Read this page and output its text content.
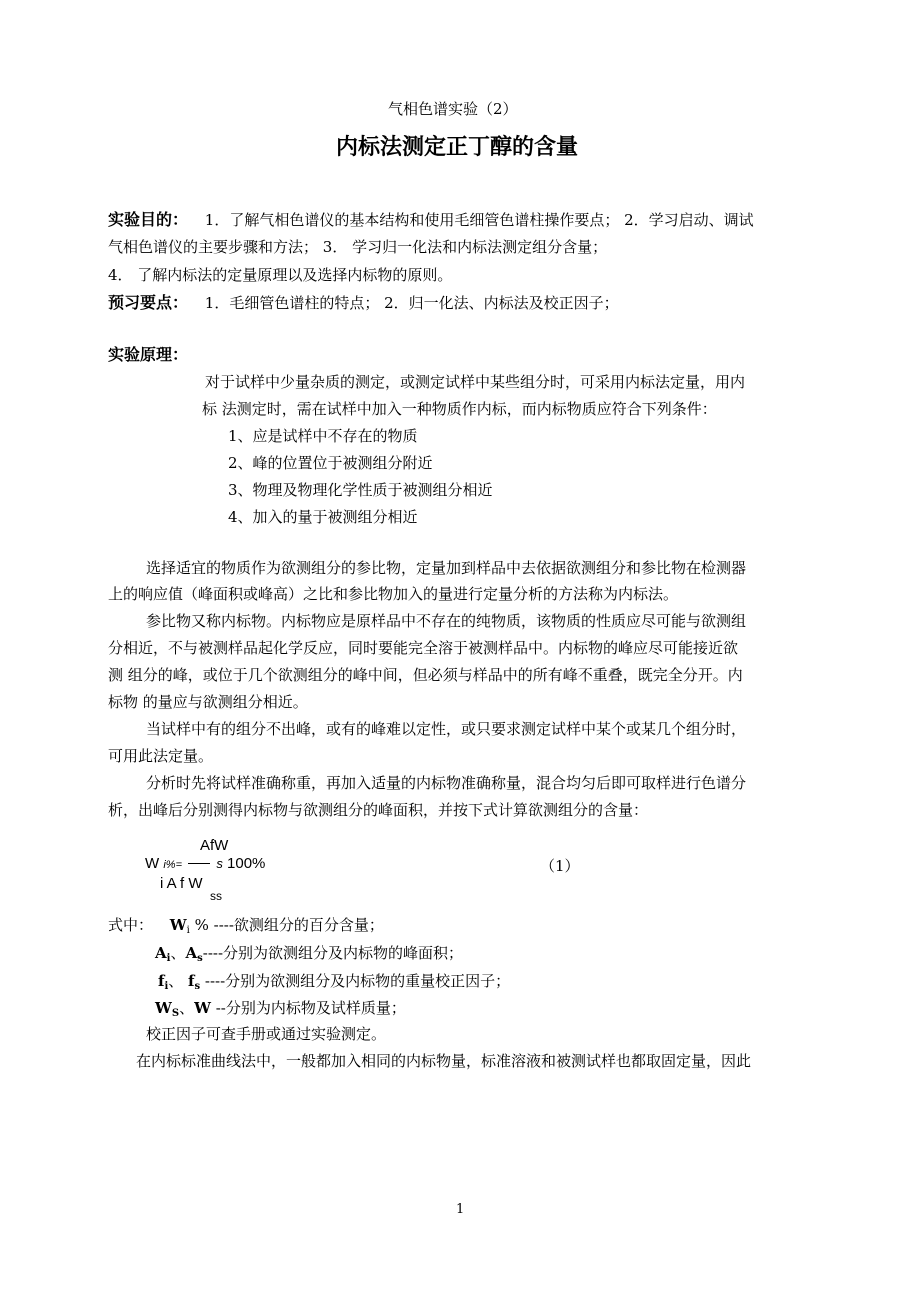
气相色谱实验（2）
内标法测定正丁醇的含量
实验目的： 1．了解气相色谱仪的基本结构和使用毛细管色谱柱操作要点； 2．学习启动、调试
气相色谱仪的主要步骤和方法； 3． 学习归一化法和内标法测定组分含量；
4． 了解内标法的定量原理以及选择内标物的原则。
预习要点： 1．毛细管色谱柱的特点； 2．归一化法、内标法及校正因子；
实验原理：
对于试样中少量杂质的测定，或测定试样中某些组分时，可采用内标法定量，用内
标 法测定时，需在试样中加入一种物质作内标，而内标物质应符合下列条件：
1、应是试样中不存在的物质
2、峰的位置位于被测组分附近
3、物理及物理化学性质于被测组分相近
4、加入的量于被测组分相近
选择适宜的物质作为欲测组分的参比物，定量加到样品中去依据欲测组分和参比物在检测器
上的响应值（峰面积或峰高）之比和参比物加入的量进行定量分析的方法称为内标法。
参比物又称内标物。内标物应是原样品中不存在的纯物质，该物质的性质应尽可能与欲测组
分相近，不与被测样品起化学反应，同时要能完全溶于被测样品中。内标物的峰应尽可能接近欲
测 组分的峰，或位于几个欲测组分的峰中间，但必须与样品中的所有峰不重叠，既完全分开。内
标物 的量应与欲测组分相近。
当试样中有的组分不出峰，或有的峰难以定性，或只要求测定试样中某个或某几个组分时，
可用此法定量。
分析时先将试样准确称重，再加入适量的内标物准确称量，混合均匀后即可取样进行色谱分
析，出峰后分别测得内标物与欲测组分的峰面积，并按下式计算欲测组分的含量：
AfW
W i%=	s 100%
i A f W
ss
（1）
式中： $W_i$ % ----欲测组分的百分含量；
$A_i$、$A_s----$分别为欲测组分及内标物的峰面积；
$f_i$、 $f_s$ ----分别为欲测组分及内标物的重量校正因子；
$W_S$、W --分别为内标物及试样质量；
校正因子可查手册或通过实验测定。
在内标标准曲线法中，一般都加入相同的内标物量，标准溶液和被测试样也都取固定量，因此
1
